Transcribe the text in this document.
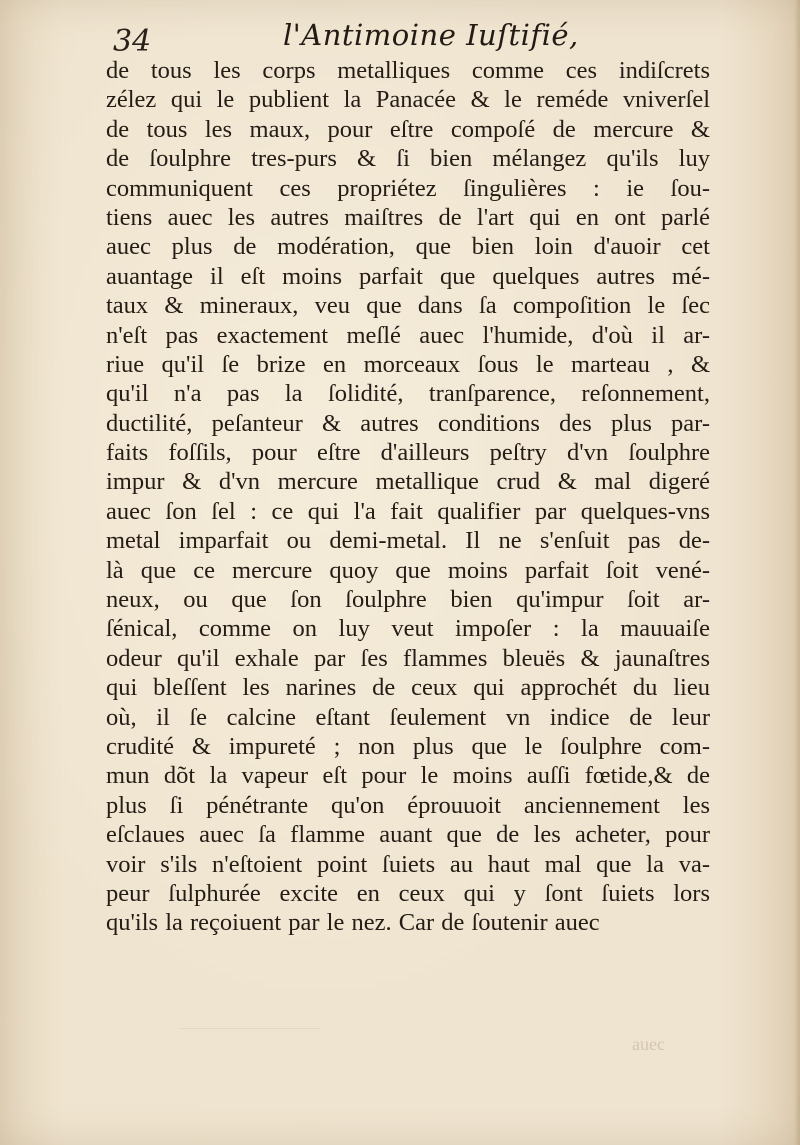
34	l'Antimoine Iuſtifié,
de tous les corps metalliques comme ces indiſcrets
zélez qui le publient la Panacée & le reméde vniverſel
de tous les maux, pour eſtre compoſé de mercure &
de ſoulphre tres-purs & ſi bien mélangez qu'ils luy
communiquent ces propriétez ſingulières : ie ſou-
tiens auec les autres maiſtres de l'art qui en ont parlé
auec plus de modération, que bien loin d'auoir cet
auantage il eſt moins parfait que quelques autres mé-
taux & mineraux, veu que dans ſa compoſition le ſec
n'eſt pas exactement meſlé auec l'humide, d'où il ar-
riue qu'il ſe brize en morceaux ſous le marteau , &
qu'il n'a pas la ſolidité, tranſparence, reſonnement,
ductilité, peſanteur & autres conditions des plus par-
faits foſſils, pour eſtre d'ailleurs peſtry d'vn ſoulphre
impur & d'vn mercure metallique crud & mal digeré
auec ſon ſel : ce qui l'a fait qualifier par quelques-vns
metal imparfait ou demi-metal. Il ne s'enſuit pas de-
là que ce mercure quoy que moins parfait ſoit vené-
neux, ou que ſon ſoulphre bien qu'impur ſoit ar-
ſénical, comme on luy veut impoſer : la mauuaiſe
odeur qu'il exhale par ſes flammes bleuës & jaunaſtres
qui bleſſent les narines de ceux qui approchét du lieu
où, il ſe calcine eſtant ſeulement vn indice de leur
crudité & impureté ; non plus que le ſoulphre com-
mun dõt la vapeur eſt pour le moins auſſi fœtide,& de
plus ſi pénétrante qu'on éprouuoit anciennement les
eſclaues auec ſa flamme auant que de les acheter, pour
voir s'ils n'eſtoient point ſuiets au haut mal que la va-
peur ſulphurée excite en ceux qui y ſont ſuiets lors
qu'ils la reçoiuent par le nez. Car de ſoutenir auec
auec
